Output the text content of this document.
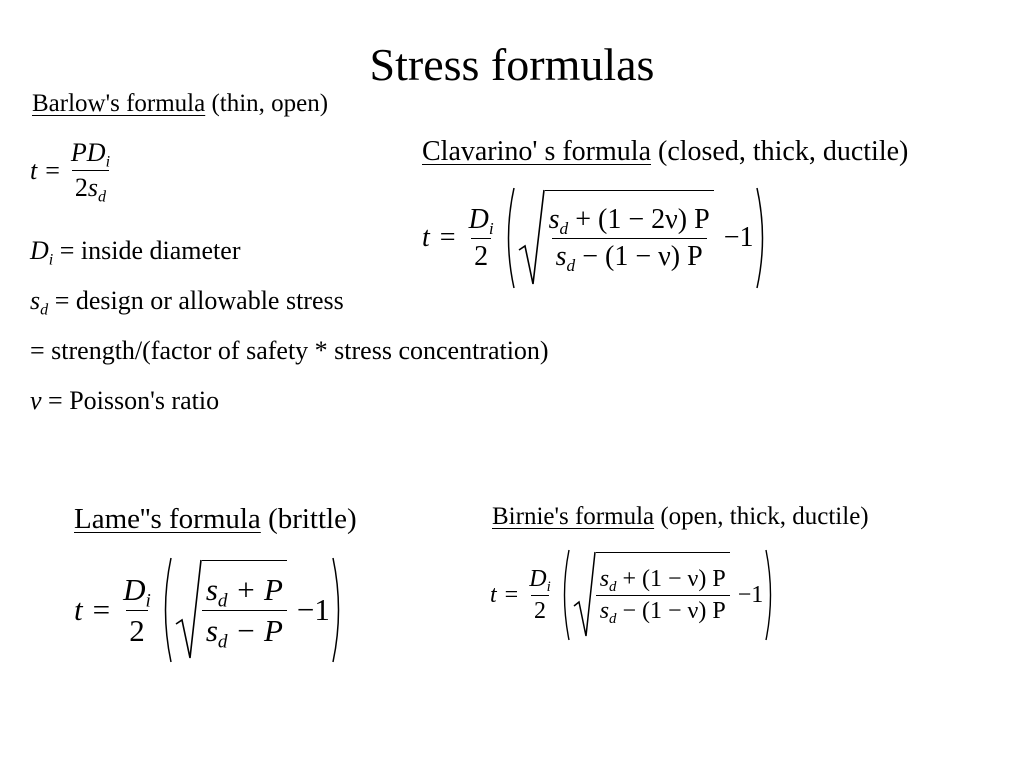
Stress formulas
Barlow's formula (thin, open)
$t = \frac{PD_i}{2s_d}$
$D_i$ = inside diameter
$s_d$ = design or allowable stress
= strength/(factor of safety * stress concentration)
ν = Poisson's ratio
Clavarino' s formula (closed, thick, ductile)
$t = \frac{D_i}{2} \frac{s_d + (1 - 2\nu) P}{s_d - (1 - \nu) P} -1$
Lame''s formula (brittle)
$t = \frac{D_i}{2} \frac{s_d + P}{s_d - P} -1$
Birnie's formula (open, thick, ductile)
$t = \frac{D_i}{2} \frac{s_d + (1 - \nu) P}{s_d - (1 - \nu) P} -1$
